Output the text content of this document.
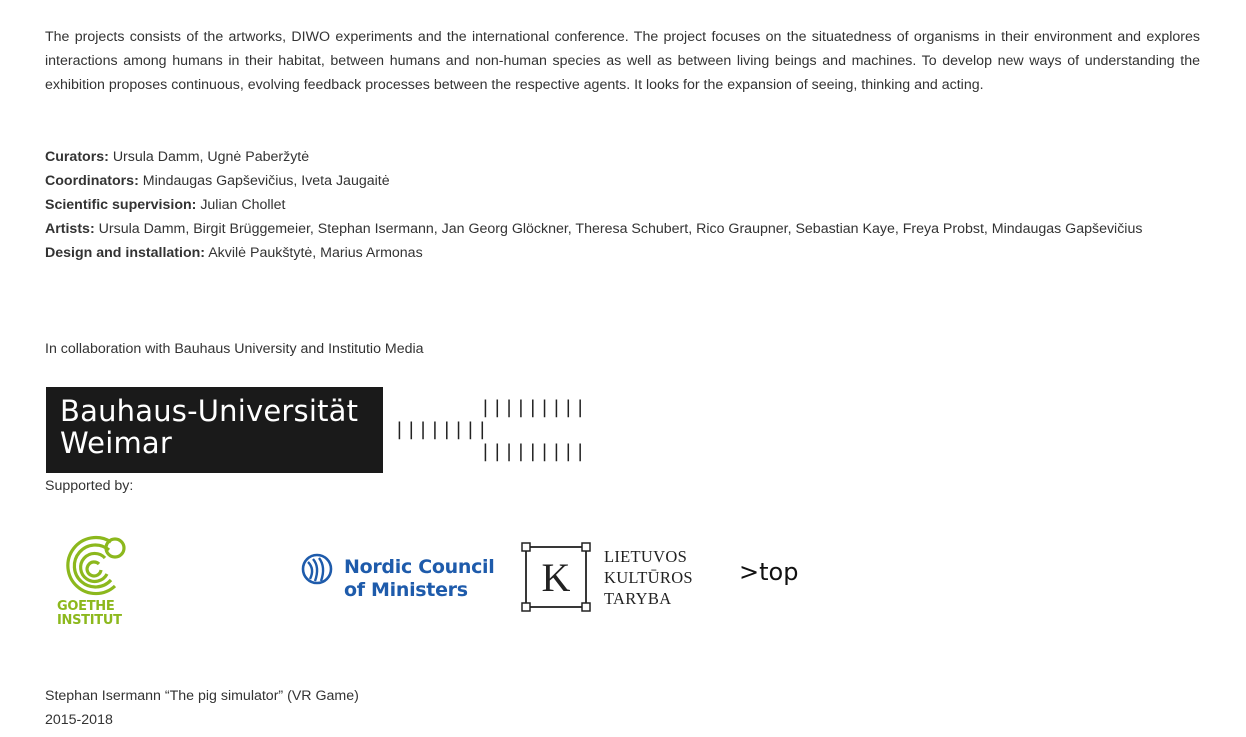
The projects consists of the artworks, DIWO experiments and the international conference. The project focuses on the situatedness of organisms in their environment and explores interactions among humans in their habitat, between humans and non-human species as well as between living beings and machines. To develop new ways of understanding the exhibition proposes continuous, evolving feedback processes between the respective agents. It looks for the expansion of seeing, thinking and acting.

Curators: Ursula Damm, Ugnė Paberžytė

Coordinators: Mindaugas Gapševičius, Iveta Jaugaitė

Scientific supervision: Julian Chollet

Artists: Ursula Damm, Birgit Brüggemeier, Stephan Isermann, Jan Georg Glöckner, Theresa Schubert, Rico Graupner, Sebastian Kaye, Freya Probst, Mindaugas Gapševičius

Design and installation: Akvilė Paukštytė, Marius Armonas

In collaboration with Bauhaus University and Institutio Media

Bauhaus-Universität
Weimar
|||||||||
||||||||
|||||||||

Supported by:

GOETHE
INSTITUT
Nordic Council
of Ministers	K LIETUVOS
KULTŪROS
TARYBA
>top
Stephan Isermann “The pig simulator” (VR Game)
2015-2018
